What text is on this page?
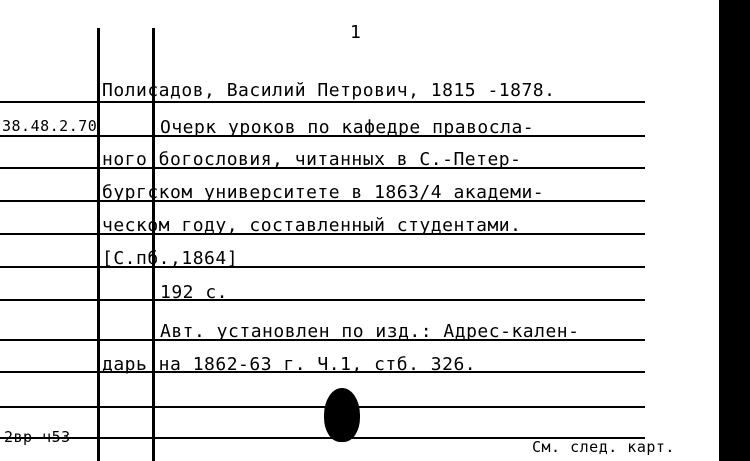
1
Полисадов, Василий Петрович, 1815 -1878.
38.48.2.70	Очерк уроков по кафедре правосла-
ного богословия, читанных в С.-Петер-
бургском университете в 1863/4 академи-
ческом году, составленный студентами.
[С.пб.,1864]
192 с.
Авт. установлен по изд.: Адрес-кален-
дарь на 1862-63 г. Ч.1, стб. 326.
2вр-ч53
См. след. карт.
